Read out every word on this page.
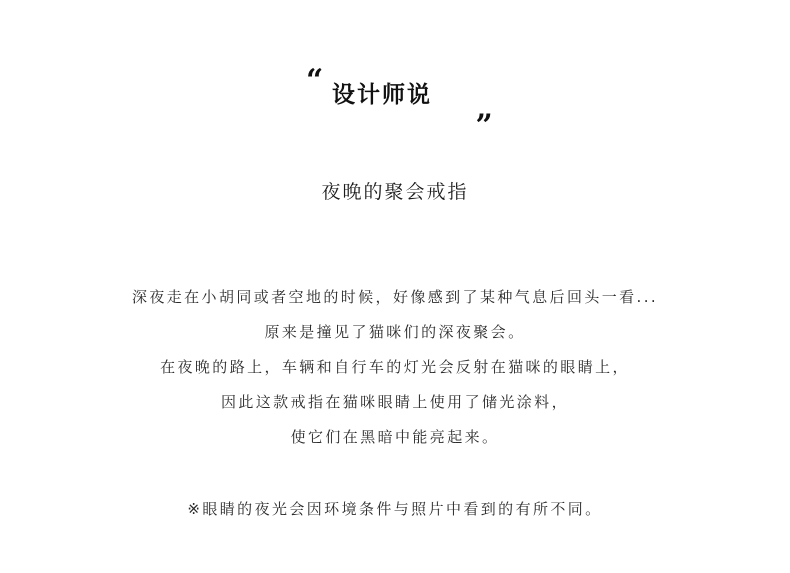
“ 设计师说 „
夜晚的聚会戒指
深夜走在小胡同或者空地的时候，好像感到了某种气息后回头一看...
原来是撞见了猫咪们的深夜聚会。
在夜晚的路上，车辆和自行车的灯光会反射在猫咪的眼睛上，
因此这款戒指在猫咪眼睛上使用了储光涂料，
使它们在黑暗中能亮起来。
※眼睛的夜光会因环境条件与照片中看到的有所不同。
